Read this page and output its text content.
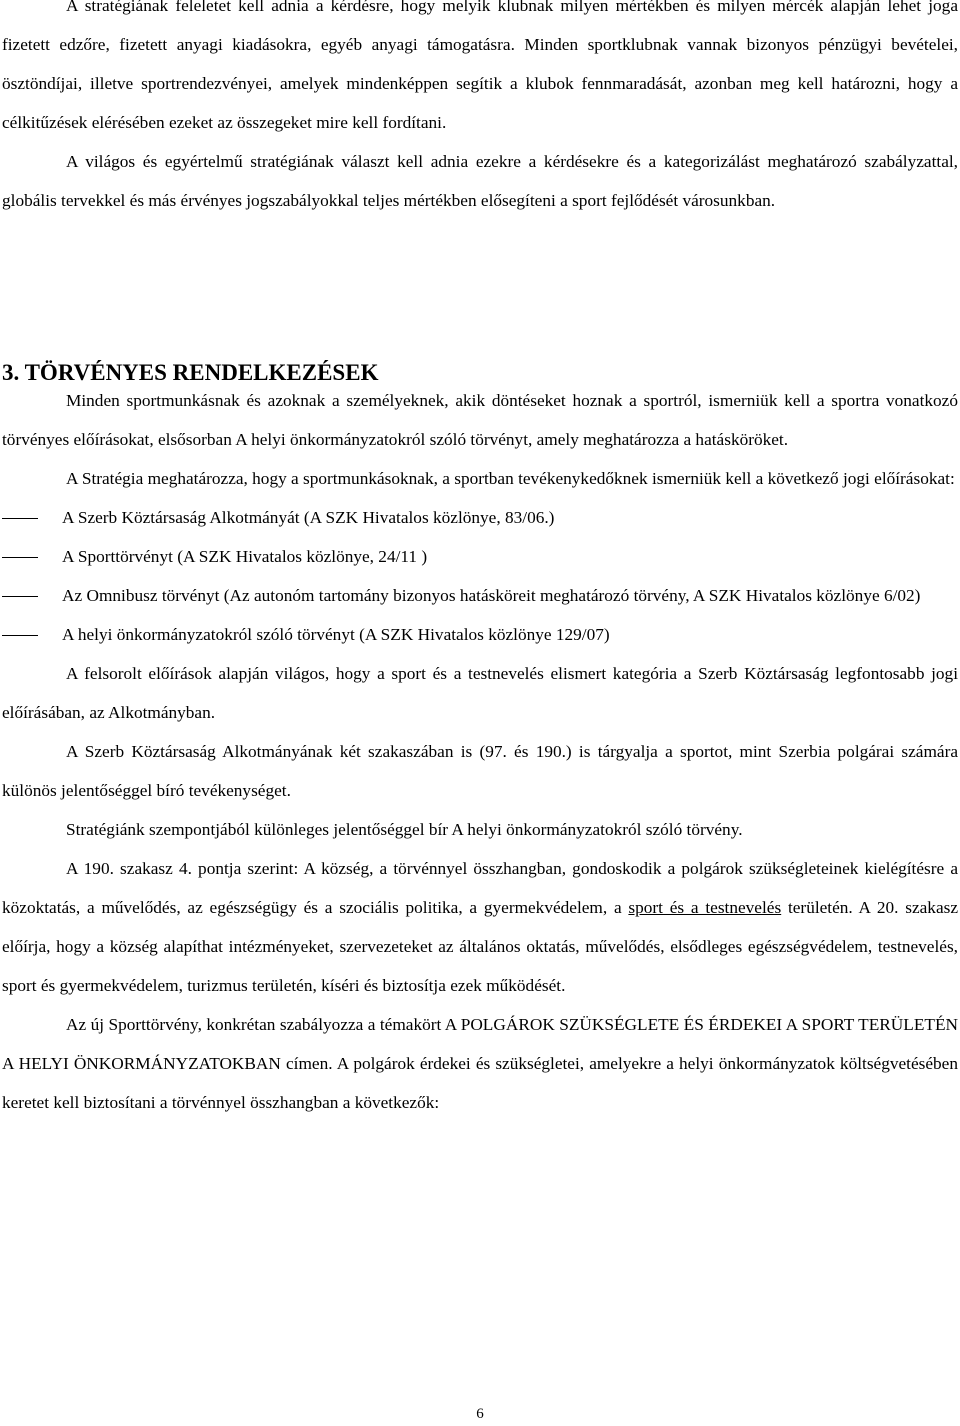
A stratégiának feleletet kell adnia a kérdésre, hogy melyik klubnak milyen mértékben és milyen mércék alapján lehet joga fizetett edzőre, fizetett anyagi kiadásokra, egyéb anyagi támogatásra. Minden sportklubnak vannak bizonyos pénzügyi bevételei, ösztöndíjai, illetve sportrendezvényei, amelyek mindenképpen segítik a klubok fennmaradását, azonban meg kell határozni, hogy a célkitűzések elérésében ezeket az összegeket mire kell fordítani.

A világos és egyértelmű stratégiának választ kell adnia ezekre a kérdésekre és a kategorizálást meghatározó szabályzattal, globális tervekkel és más érvényes jogszabályokkal teljes mértékben elősegíteni a sport fejlődését városunkban.

3. TÖRVÉNYES RENDELKEZÉSEK

Minden sportmunkásnak és azoknak a személyeknek, akik döntéseket hoznak a sportról, ismerniük kell a sportra vonatkozó törvényes előírásokat, elsősorban A helyi önkormányzatokról szóló törvényt, amely meghatározza a hatásköröket.

A Stratégia meghatározza, hogy a sportmunkásoknak, a sportban tevékenykedőknek ismerniük kell a következő jogi előírásokat:

A Szerb Köztársaság Alkotmányát (A SZK Hivatalos közlönye, 83/06.)
A Sporttörvényt (A SZK Hivatalos közlönye, 24/11 )
Az Omnibusz törvényt (Az autonóm tartomány bizonyos hatásköreit meghatározó törvény, A SZK Hivatalos közlönye 6/02)
A helyi önkormányzatokról szóló törvényt (A SZK Hivatalos közlönye 129/07)

A felsorolt előírások alapján világos, hogy a sport és a testnevelés elismert kategória a Szerb Köztársaság legfontosabb jogi előírásában, az Alkotmányban.

A Szerb Köztársaság Alkotmányának két szakaszában is (97. és 190.) is tárgyalja a sportot, mint Szerbia polgárai számára különös jelentőséggel bíró tevékenységet.

Stratégiánk szempontjából különleges jelentőséggel bír A helyi önkormányzatokról szóló törvény.

A 190. szakasz 4. pontja szerint: A község, a törvénnyel összhangban, gondoskodik a polgárok szükségleteinek kielégítésre a közoktatás, a művelődés, az egészségügy és a szociális politika, a gyermekvédelem, a sport és a testnevelés területén. A 20. szakasz előírja, hogy a község alapíthat intézményeket, szervezeteket az általános oktatás, művelődés, elsődleges egészségvédelem, testnevelés, sport és gyermekvédelem, turizmus területén, kíséri és biztosítja ezek működését.

Az új Sporttörvény, konkrétan szabályozza a témakört A POLGÁROK SZÜKSÉGLETE ÉS ÉRDEKEI A SPORT TERÜLETÉN A HELYI ÖNKORMÁNYZATOKBAN címen. A polgárok érdekei és szükségletei, amelyekre a helyi önkormányzatok költségvetésében keretet kell biztosítani a törvénnyel összhangban a következők:

6
